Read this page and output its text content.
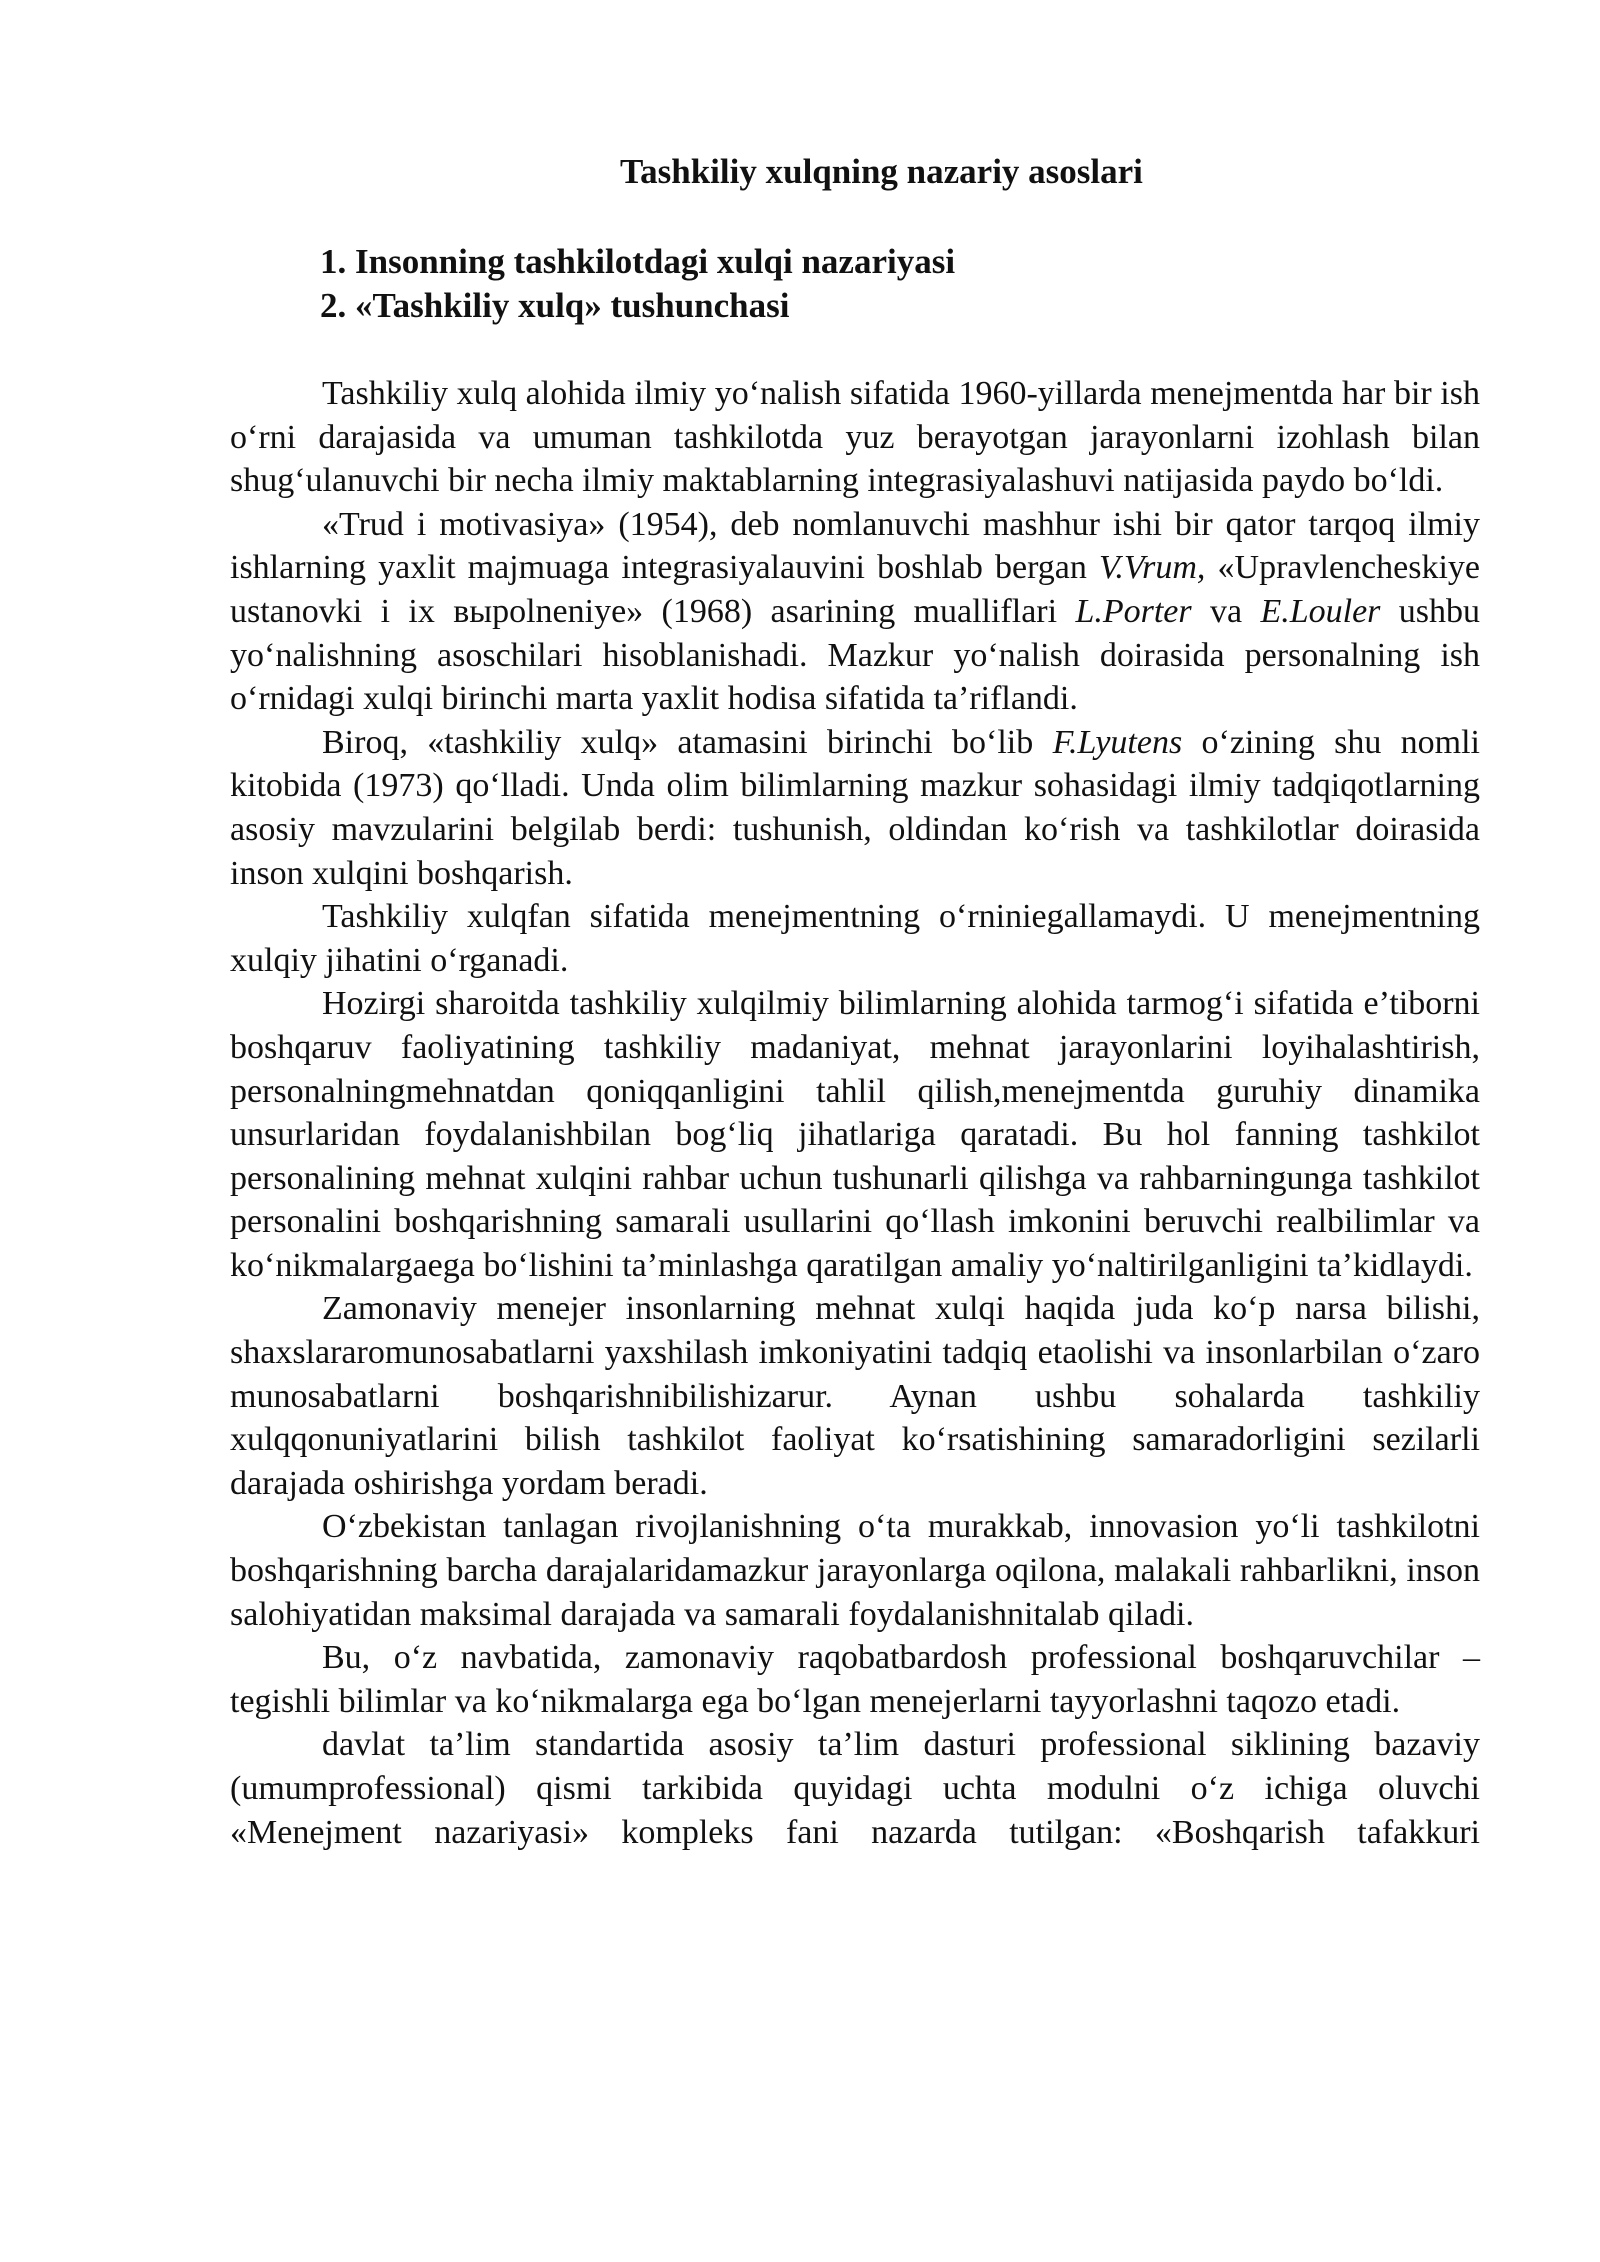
Tashkiliy xulqning nazariy asoslari
1. Insonning tashkilotdagi xulqi nazariyasi
2. «Tashkiliy xulq» tushunchasi

Tashkiliy xulq alohida ilmiy yo‘nalish sifatida 1960-yillarda menejmentda har bir ish o‘rni darajasida va umuman tashkilotda yuz berayotgan jarayonlarni izohlash bilan shug‘ulanuvchi bir necha ilmiy maktablarning integrasiyalashuvi natijasida paydo bo‘ldi.

«Trud i motivasiya» (1954), deb nomlanuvchi mashhur ishi bir qator tarqoq ilmiy ishlarning yaxlit majmuaga integrasiyalauvini boshlab bergan V.Vrum, «Upravlencheskiye ustanovki i ix выpolneniye» (1968) asarining mualliflari L.Porter va E.Louler ushbu yo‘nalishning asoschilari hisoblanishadi. Mazkur yo‘nalish doirasida personalning ish o‘rnidagi xulqi birinchi marta yaxlit hodisa sifatida ta’riflandi.

Biroq, «tashkiliy xulq» atamasini birinchi bo‘lib F.Lyutens o‘zining shu nomli kitobida (1973) qo‘lladi. Unda olim bilimlarning mazkur sohasidagi ilmiy tadqiqotlarning asosiy mavzularini belgilab berdi: tushunish, oldindan ko‘rish va tashkilotlar doirasida inson xulqini boshqarish.

Tashkiliy xulqfan sifatida menejmentning o‘rniniegallamaydi. U menejmentning xulqiy jihatini o‘rganadi.

Hozirgi sharoitda tashkiliy xulqilmiy bilimlarning alohida tarmog‘i sifatida e’tiborni boshqaruv faoliyatining tashkiliy madaniyat, mehnat jarayonlarini loyihalashtirish, personalningmehnatdan qoniqqanligini tahlil qilish,menejmentda guruhiy dinamika unsurlaridan foydalanishbilan bog‘liq jihatlariga qaratadi. Bu hol fanning tashkilot personalining mehnat xulqini rahbar uchun tushunarli qilishga va rahbarningunga tashkilot personalini boshqarishning samarali usullarini qo‘llash imkonini beruvchi realbilimlar va ko‘nikmalargaega bo‘lishini ta’minlashga qaratilgan amaliy yo‘naltirilganligini ta’kidlaydi.

Zamonaviy menejer insonlarning mehnat xulqi haqida juda ko‘p narsa bilishi, shaxslararomunosabatlarni yaxshilash imkoniyatini tadqiq etaolishi va insonlarbilan o‘zaro munosabatlarni boshqarishnibilishizarur. Aynan ushbu sohalarda tashkiliy xulqqonuniyatlarini bilish tashkilot faoliyat ko‘rsatishining samaradorligini sezilarli darajada oshirishga yordam beradi.

O‘zbekistan tanlagan rivojlanishning o‘ta murakkab, innovasion yo‘li tashkilotni boshqarishning barcha darajalaridamazkur jarayonlarga oqilona, malakali rahbarlikni, inson salohiyatidan maksimal darajada va samarali foydalanishnitalab qiladi.

Bu, o‘z navbatida, zamonaviy raqobatbardosh professional boshqaruvchilar – tegishli bilimlar va ko‘nikmalarga ega bo‘lgan menejerlarni tayyorlashni taqozo etadi.

davlat ta’lim standartida asosiy ta’lim dasturi professional siklining bazaviy (umumprofessional) qismi tarkibida quyidagi uchta modulni o‘z ichiga oluvchi «Menejment nazariyasi» kompleks fani nazarda tutilgan: «Boshqarish tafakkuri
